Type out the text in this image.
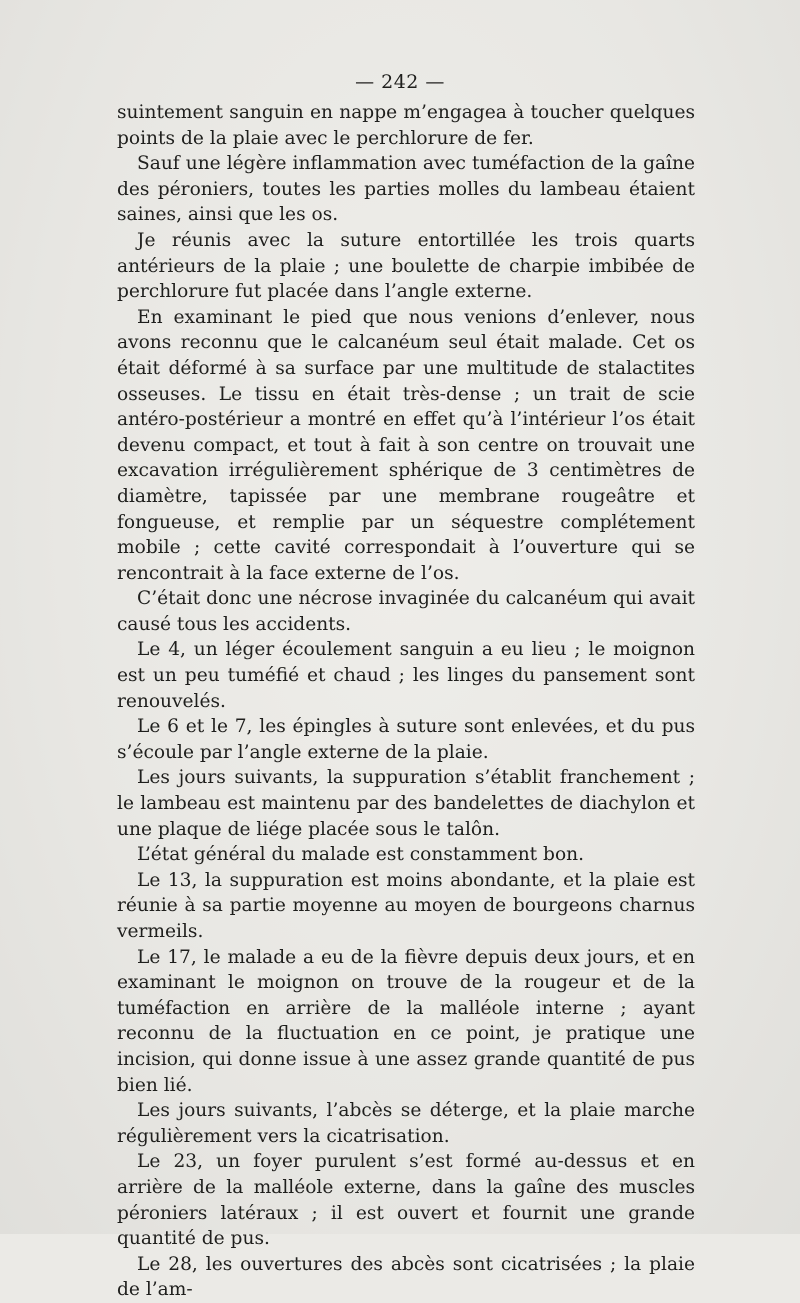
— 242 —

suintement sanguin en nappe m’engagea à toucher quelques points de la plaie avec le perchlorure de fer.

Sauf une légère inflammation avec tuméfaction de la gaîne des péroniers, toutes les parties molles du lambeau étaient saines, ainsi que les os.

Je réunis avec la suture entortillée les trois quarts antérieurs de la plaie ; une boulette de charpie imbibée de perchlorure fut placée dans l’angle externe.

En examinant le pied que nous venions d’enlever, nous avons reconnu que le calcanéum seul était malade. Cet os était déformé à sa surface par une multitude de stalactites osseuses. Le tissu en était très-dense ; un trait de scie antéro-postérieur a montré en effet qu’à l’intérieur l’os était devenu compact, et tout à fait à son centre on trouvait une excavation irrégulièrement sphérique de 3 centimètres de diamètre, tapissée par une membrane rougeâtre et fongueuse, et remplie par un séquestre complétement mobile ; cette cavité correspondait à l’ouverture qui se rencontrait à la face externe de l’os.

C’était donc une nécrose invaginée du calcanéum qui avait causé tous les accidents.

Le 4, un léger écoulement sanguin a eu lieu ; le moignon est un peu tuméfié et chaud ; les linges du pansement sont renouvelés.

Le 6 et le 7, les épingles à suture sont enlevées, et du pus s’écoule par l’angle externe de la plaie.

Les jours suivants, la suppuration s’établit franchement ; le lambeau est maintenu par des bandelettes de diachylon et une plaque de liége placée sous le talôn.

L’état général du malade est constamment bon.

Le 13, la suppuration est moins abondante, et la plaie est réunie à sa partie moyenne au moyen de bourgeons charnus vermeils.

Le 17, le malade a eu de la fièvre depuis deux jours, et en examinant le moignon on trouve de la rougeur et de la tuméfaction en arrière de la malléole interne ; ayant reconnu de la fluctuation en ce point, je pratique une incision, qui donne issue à une assez grande quantité de pus bien lié.

Les jours suivants, l’abcès se déterge, et la plaie marche régulièrement vers la cicatrisation.

Le 23, un foyer purulent s’est formé au-dessus et en arrière de la malléole externe, dans la gaîne des muscles péroniers latéraux ; il est ouvert et fournit une grande quantité de pus.

Le 28, les ouvertures des abcès sont cicatrisées ; la plaie de l’am-
